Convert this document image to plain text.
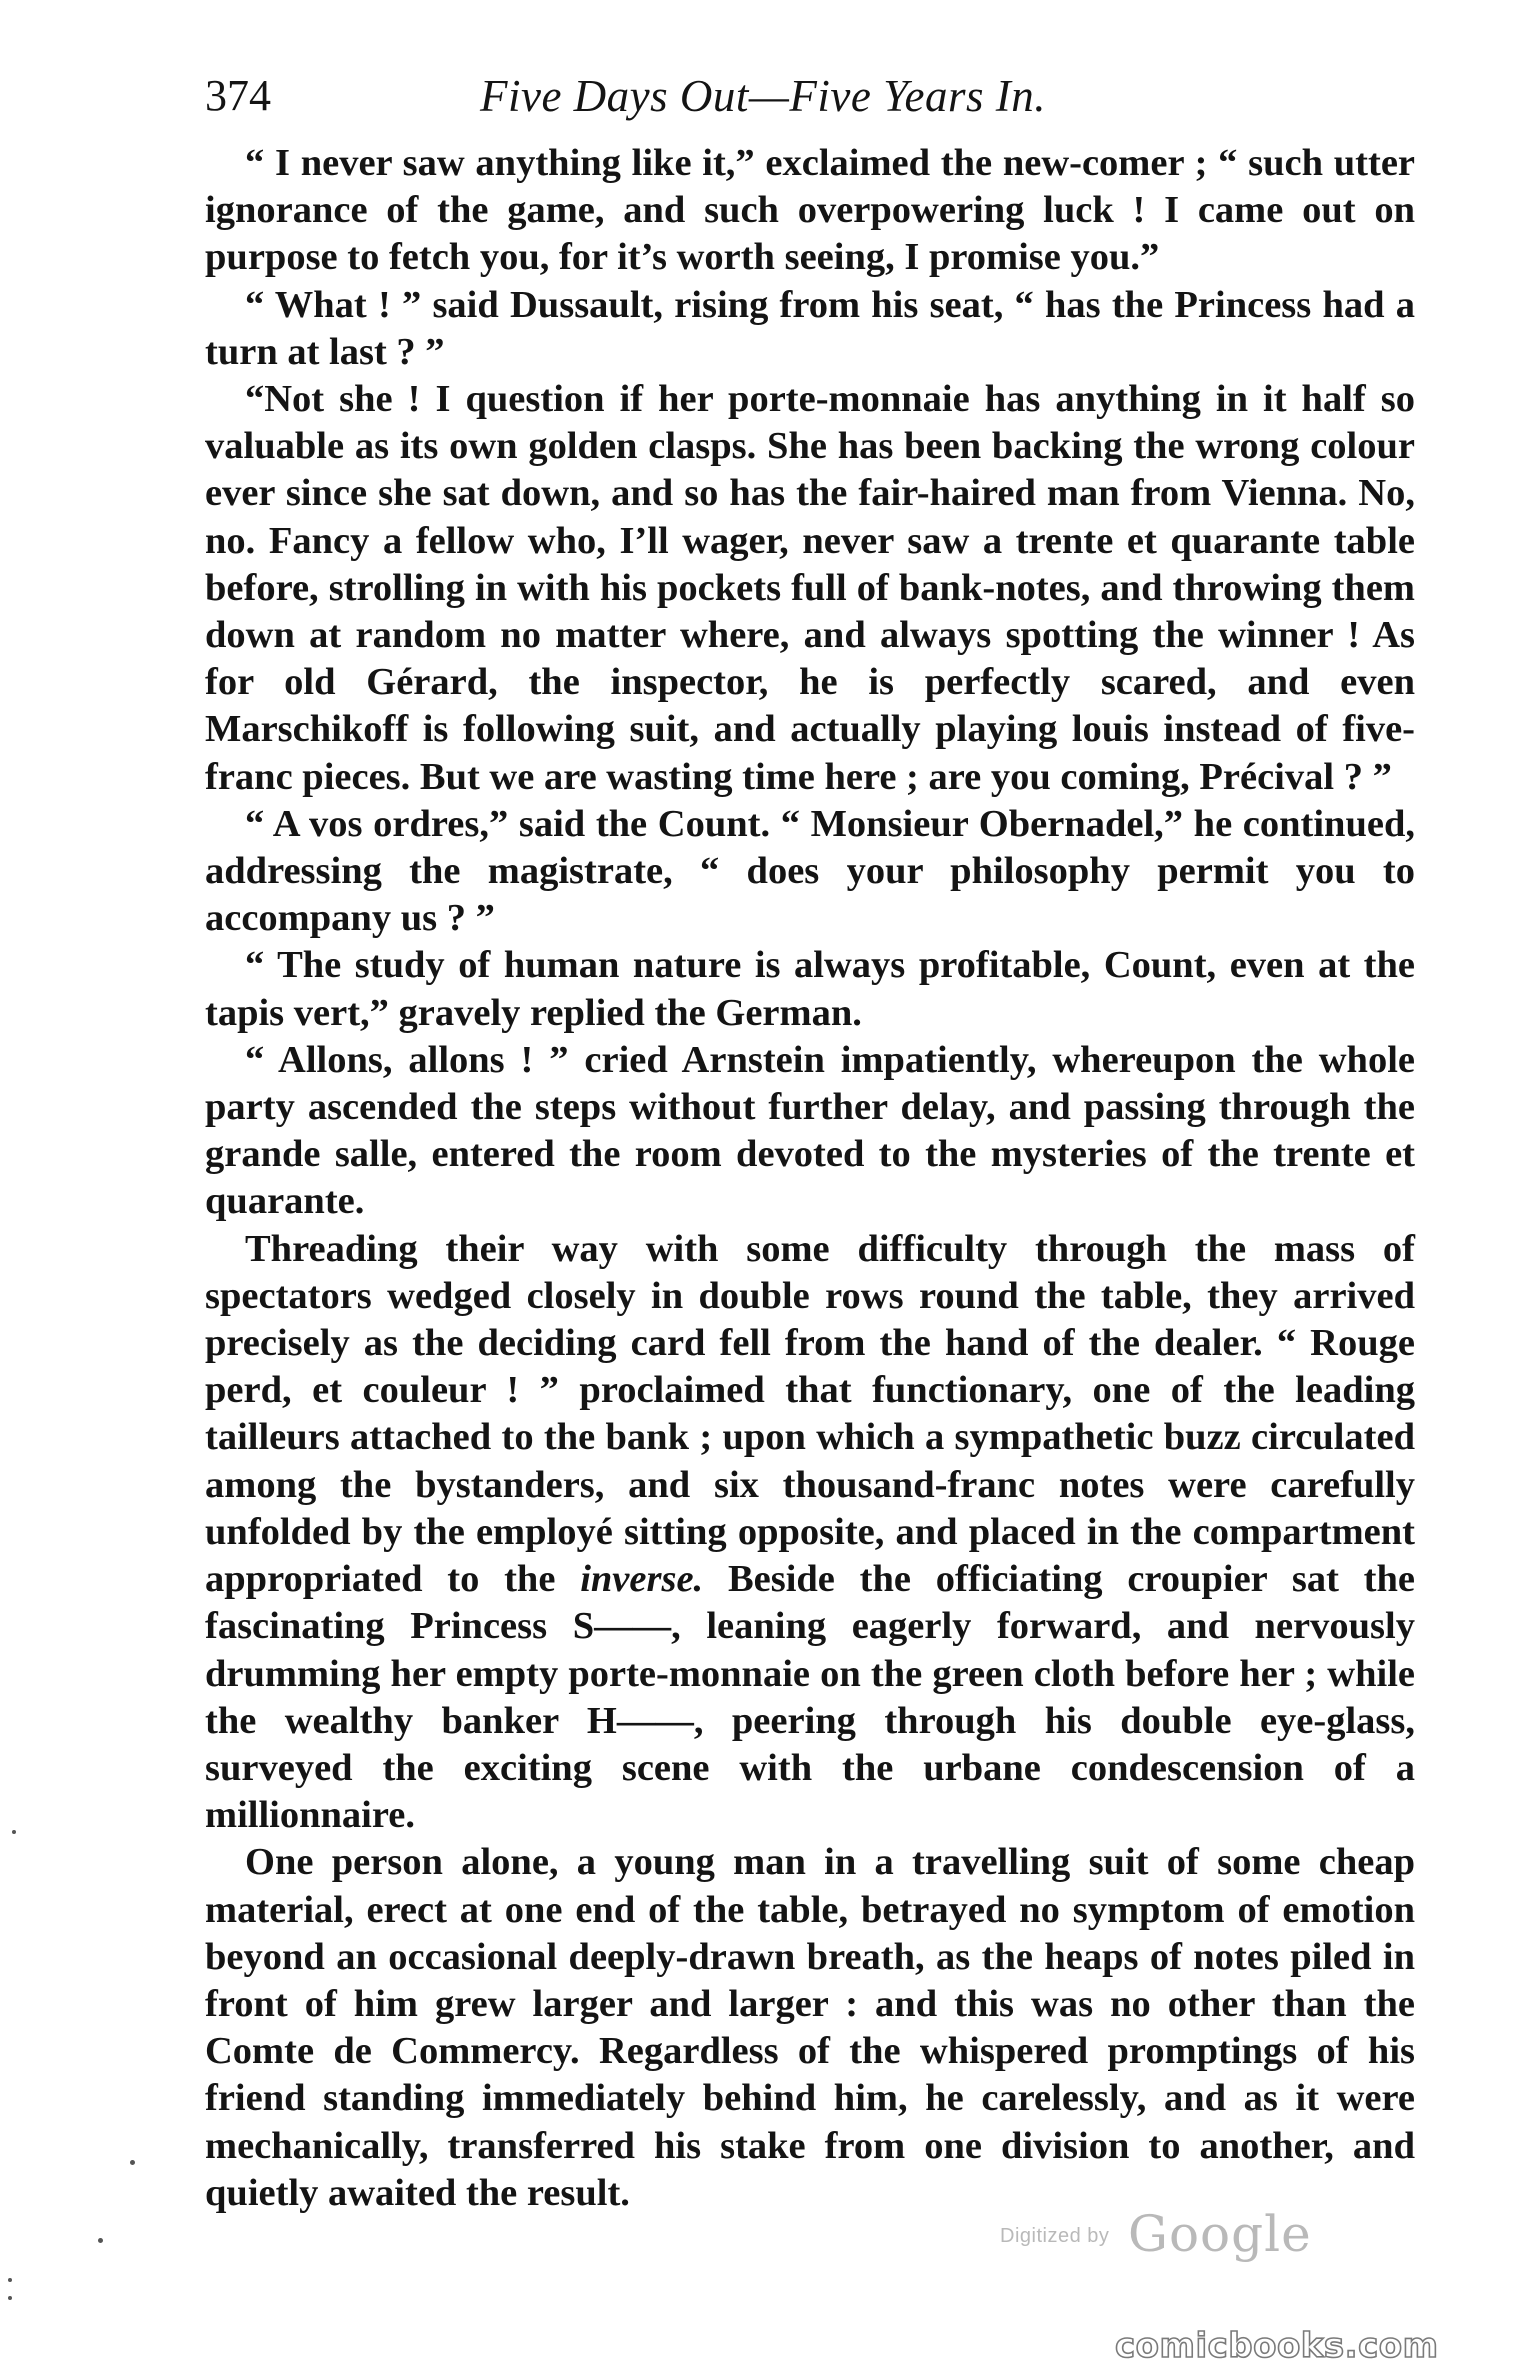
374	Five Days Out—Five Years In.

“ I never saw anything like it,” exclaimed the new-comer ; “ such utter ignorance of the game, and such overpowering luck ! I came out on purpose to fetch you, for it’s worth seeing, I promise you.”

“ What ! ” said Dussault, rising from his seat, “ has the Princess had a turn at last ? ”

“Not she ! I question if her porte-monnaie has anything in it half so valuable as its own golden clasps. She has been backing the wrong colour ever since she sat down, and so has the fair-haired man from Vienna. No, no. Fancy a fellow who, I’ll wager, never saw a trente et quarante table before, strolling in with his pockets full of bank-notes, and throwing them down at random no matter where, and always spotting the winner ! As for old Gérard, the inspector, he is perfectly scared, and even Marschikoff is following suit, and actually playing louis instead of five-franc pieces. But we are wasting time here ; are you coming, Précival ? ”

“ A vos ordres,” said the Count. “ Monsieur Obernadel,” he continued, addressing the magistrate, “ does your philosophy permit you to accompany us ? ”

“ The study of human nature is always profitable, Count, even at the tapis vert,” gravely replied the German.

“ Allons, allons ! ” cried Arnstein impatiently, whereupon the whole party ascended the steps without further delay, and passing through the grande salle, entered the room devoted to the mysteries of the trente et quarante.

Threading their way with some difficulty through the mass of spectators wedged closely in double rows round the table, they arrived precisely as the deciding card fell from the hand of the dealer. “ Rouge perd, et couleur ! ” proclaimed that functionary, one of the leading tailleurs attached to the bank ; upon which a sympathetic buzz circulated among the bystanders, and six thousand-franc notes were carefully unfolded by the employé sitting opposite, and placed in the compartment appropriated to the inverse. Beside the officiating croupier sat the fascinating Princess S——, leaning eagerly forward, and nervously drumming her empty porte-monnaie on the green cloth before her ; while the wealthy banker H——, peering through his double eye-glass, surveyed the exciting scene with the urbane condescension of a millionnaire.

One person alone, a young man in a travelling suit of some cheap material, erect at one end of the table, betrayed no symptom of emotion beyond an occasional deeply-drawn breath, as the heaps of notes piled in front of him grew larger and larger : and this was no other than the Comte de Commercy. Regardless of the whispered promptings of his friend standing immediately behind him, he carelessly, and as it were mechanically, transferred his stake from one division to another, and quietly awaited the result.

Digitized by Google
comicbooks.com
